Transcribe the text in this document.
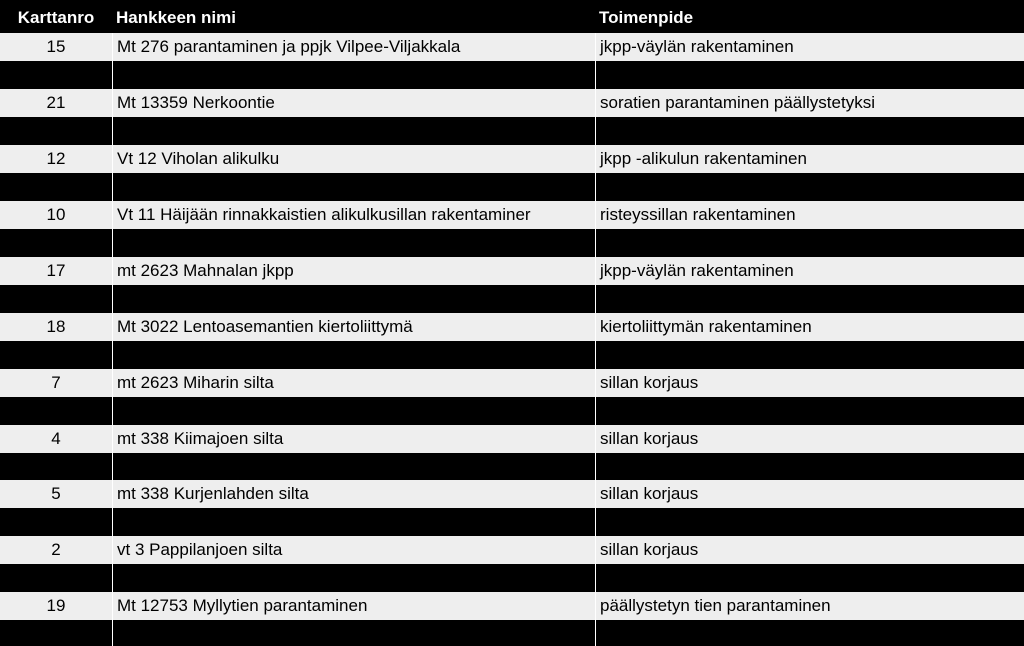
Karttanro	Hankkeen nimi	Toimenpide
15	Mt 276 parantaminen ja ppjk Vilpee-Viljakkala	jkpp-väylän rakentaminen
21	Mt 13359 Nerkoontie	soratien parantaminen päällystetyksi
12	Vt 12 Viholan alikulku	jkpp -alikulun rakentaminen
10	Vt 11 Häijään rinnakkaistien alikulkusillan rakentaminer	risteyssillan rakentaminen
17	mt 2623 Mahnalan jkpp	jkpp-väylän rakentaminen
18	Mt 3022 Lentoasemantien kiertoliittymä	kiertoliittymän rakentaminen
7	mt 2623 Miharin silta	sillan korjaus
4	mt 338 Kiimajoen silta	sillan korjaus
5	mt 338 Kurjenlahden silta	sillan korjaus
2	vt 3 Pappilanjoen silta	sillan korjaus
19	Mt 12753 Myllytien parantaminen	päällystetyn tien parantaminen
